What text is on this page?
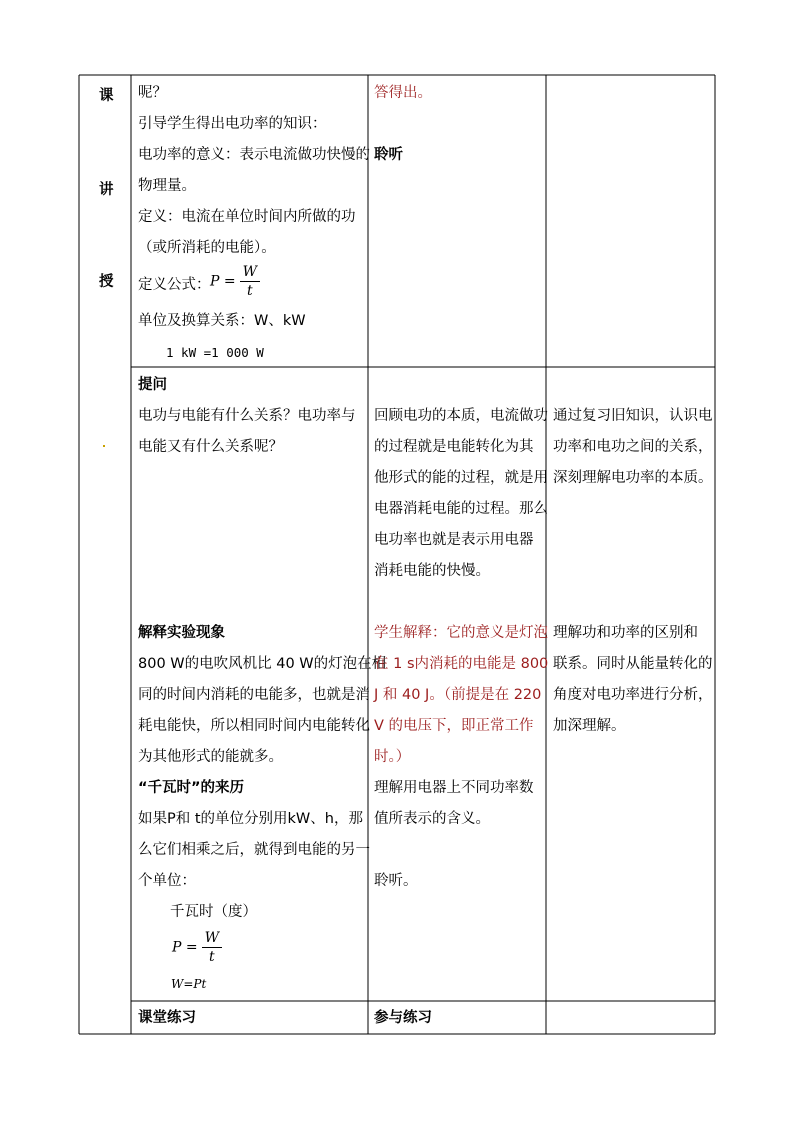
课
讲
授
呢？
引导学生得出电功率的知识：
电功率的意义：表示电流做功快慢的
物理量。
定义：电流在单位时间内所做的功
（或所消耗的电能）。
定义公式： $P = \frac{W}{t}$
单位及换算关系：W、kW
1 kW =1 000 W
答得出。
聆听
提问
电功与电能有什么关系？电功率与
电能又有什么关系呢？
回顾电功的本质，电流做功
的过程就是电能转化为其
他形式的能的过程，就是用
电器消耗电能的过程。那么
电功率也就是表示用电器
消耗电能的快慢。
通过复习旧知识，认识电
功率和电功之间的关系，
深刻理解电功率的本质。
解释实验现象
800 W的电吹风机比 40 W的灯泡在相
同的时间内消耗的电能多，也就是消
耗电能快，所以相同时间内电能转化
为其他形式的能就多。
“千瓦时”的来历
如果P和 t的单位分别用kW、h，那
么它们相乘之后，就得到电能的另一
个单位：
千瓦时（度）
$P = \frac{W}{t}$
W=Pt
学生解释：它的意义是灯泡
在 1 s内消耗的电能是 800
J 和 40 J。（前提是在 220
V 的电压下，即正常工作
时。）
理解用电器上不同功率数
值所表示的含义。

聆听。
理解功和功率的区别和
联系。同时从能量转化的
角度对电功率进行分析，
加深理解。
课堂练习	参与练习
